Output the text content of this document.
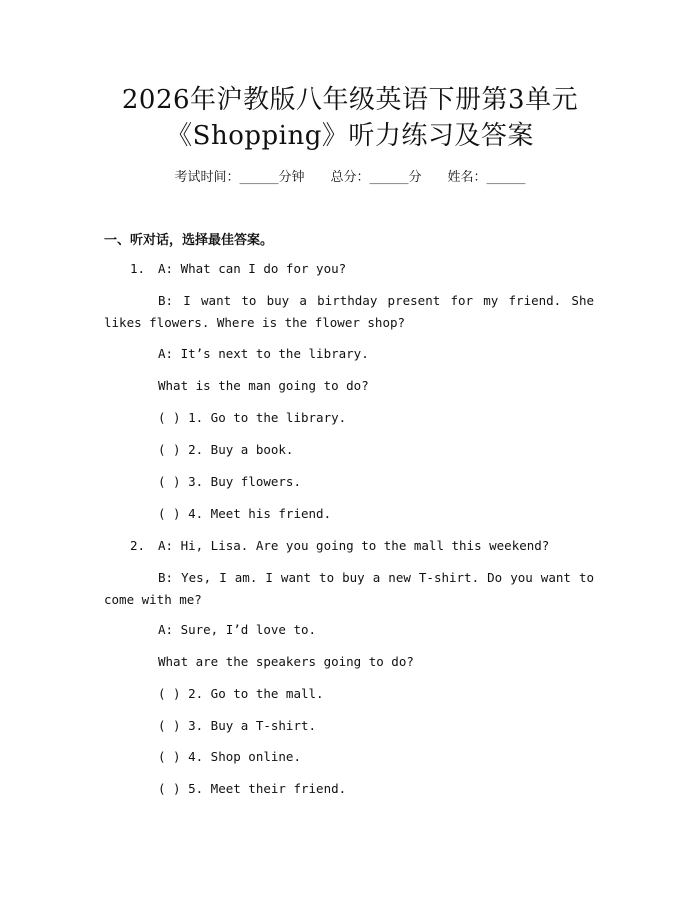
2026年沪教版八年级英语下册第3单元
《Shopping》听力练习及答案
考试时间：______分钟 总分：______分 姓名：______
一、听对话，选择最佳答案。
1. A: What can I do for you?
B: I want to buy a birthday present for my friend. She likes flowers. Where is the flower shop?
A: It’s next to the library.
What is the man going to do?
( ) 1. Go to the library.
( ) 2. Buy a book.
( ) 3. Buy flowers.
( ) 4. Meet his friend.
2. A: Hi, Lisa. Are you going to the mall this weekend?
B: Yes, I am. I want to buy a new T-shirt. Do you want to come with me?
A: Sure, I’d love to.
What are the speakers going to do?
( ) 2. Go to the mall.
( ) 3. Buy a T-shirt.
( ) 4. Shop online.
( ) 5. Meet their friend.
